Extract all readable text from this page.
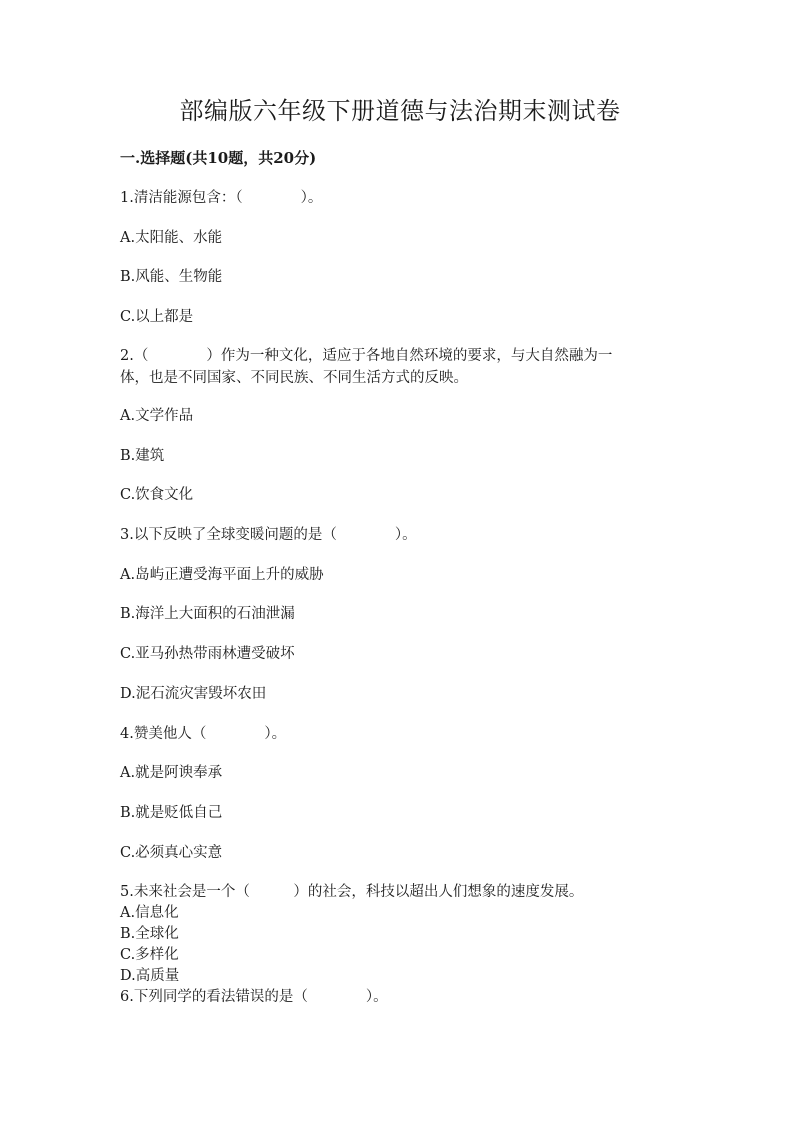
部编版六年级下册道德与法治期末测试卷

一.选择题(共10题，共20分)

1.清洁能源包含：（　　　　）。

A.太阳能、水能

B.风能、生物能

C.以上都是

2.（　　　　）作为一种文化，适应于各地自然环境的要求，与大自然融为一

体，也是不同国家、不同民族、不同生活方式的反映。

A.文学作品

B.建筑

C.饮食文化

3.以下反映了全球变暖问题的是（　　　　）。

A.岛屿正遭受海平面上升的威胁

B.海洋上大面积的石油泄漏

C.亚马孙热带雨林遭受破坏

D.泥石流灾害毁坏农田

4.赞美他人（　　　　）。

A.就是阿谀奉承

B.就是贬低自己

C.必须真心实意

5.未来社会是一个（　　　）的社会，科技以超出人们想象的速度发展。

A.信息化

B.全球化

C.多样化

D.高质量

6.下列同学的看法错误的是（　　　　）。
